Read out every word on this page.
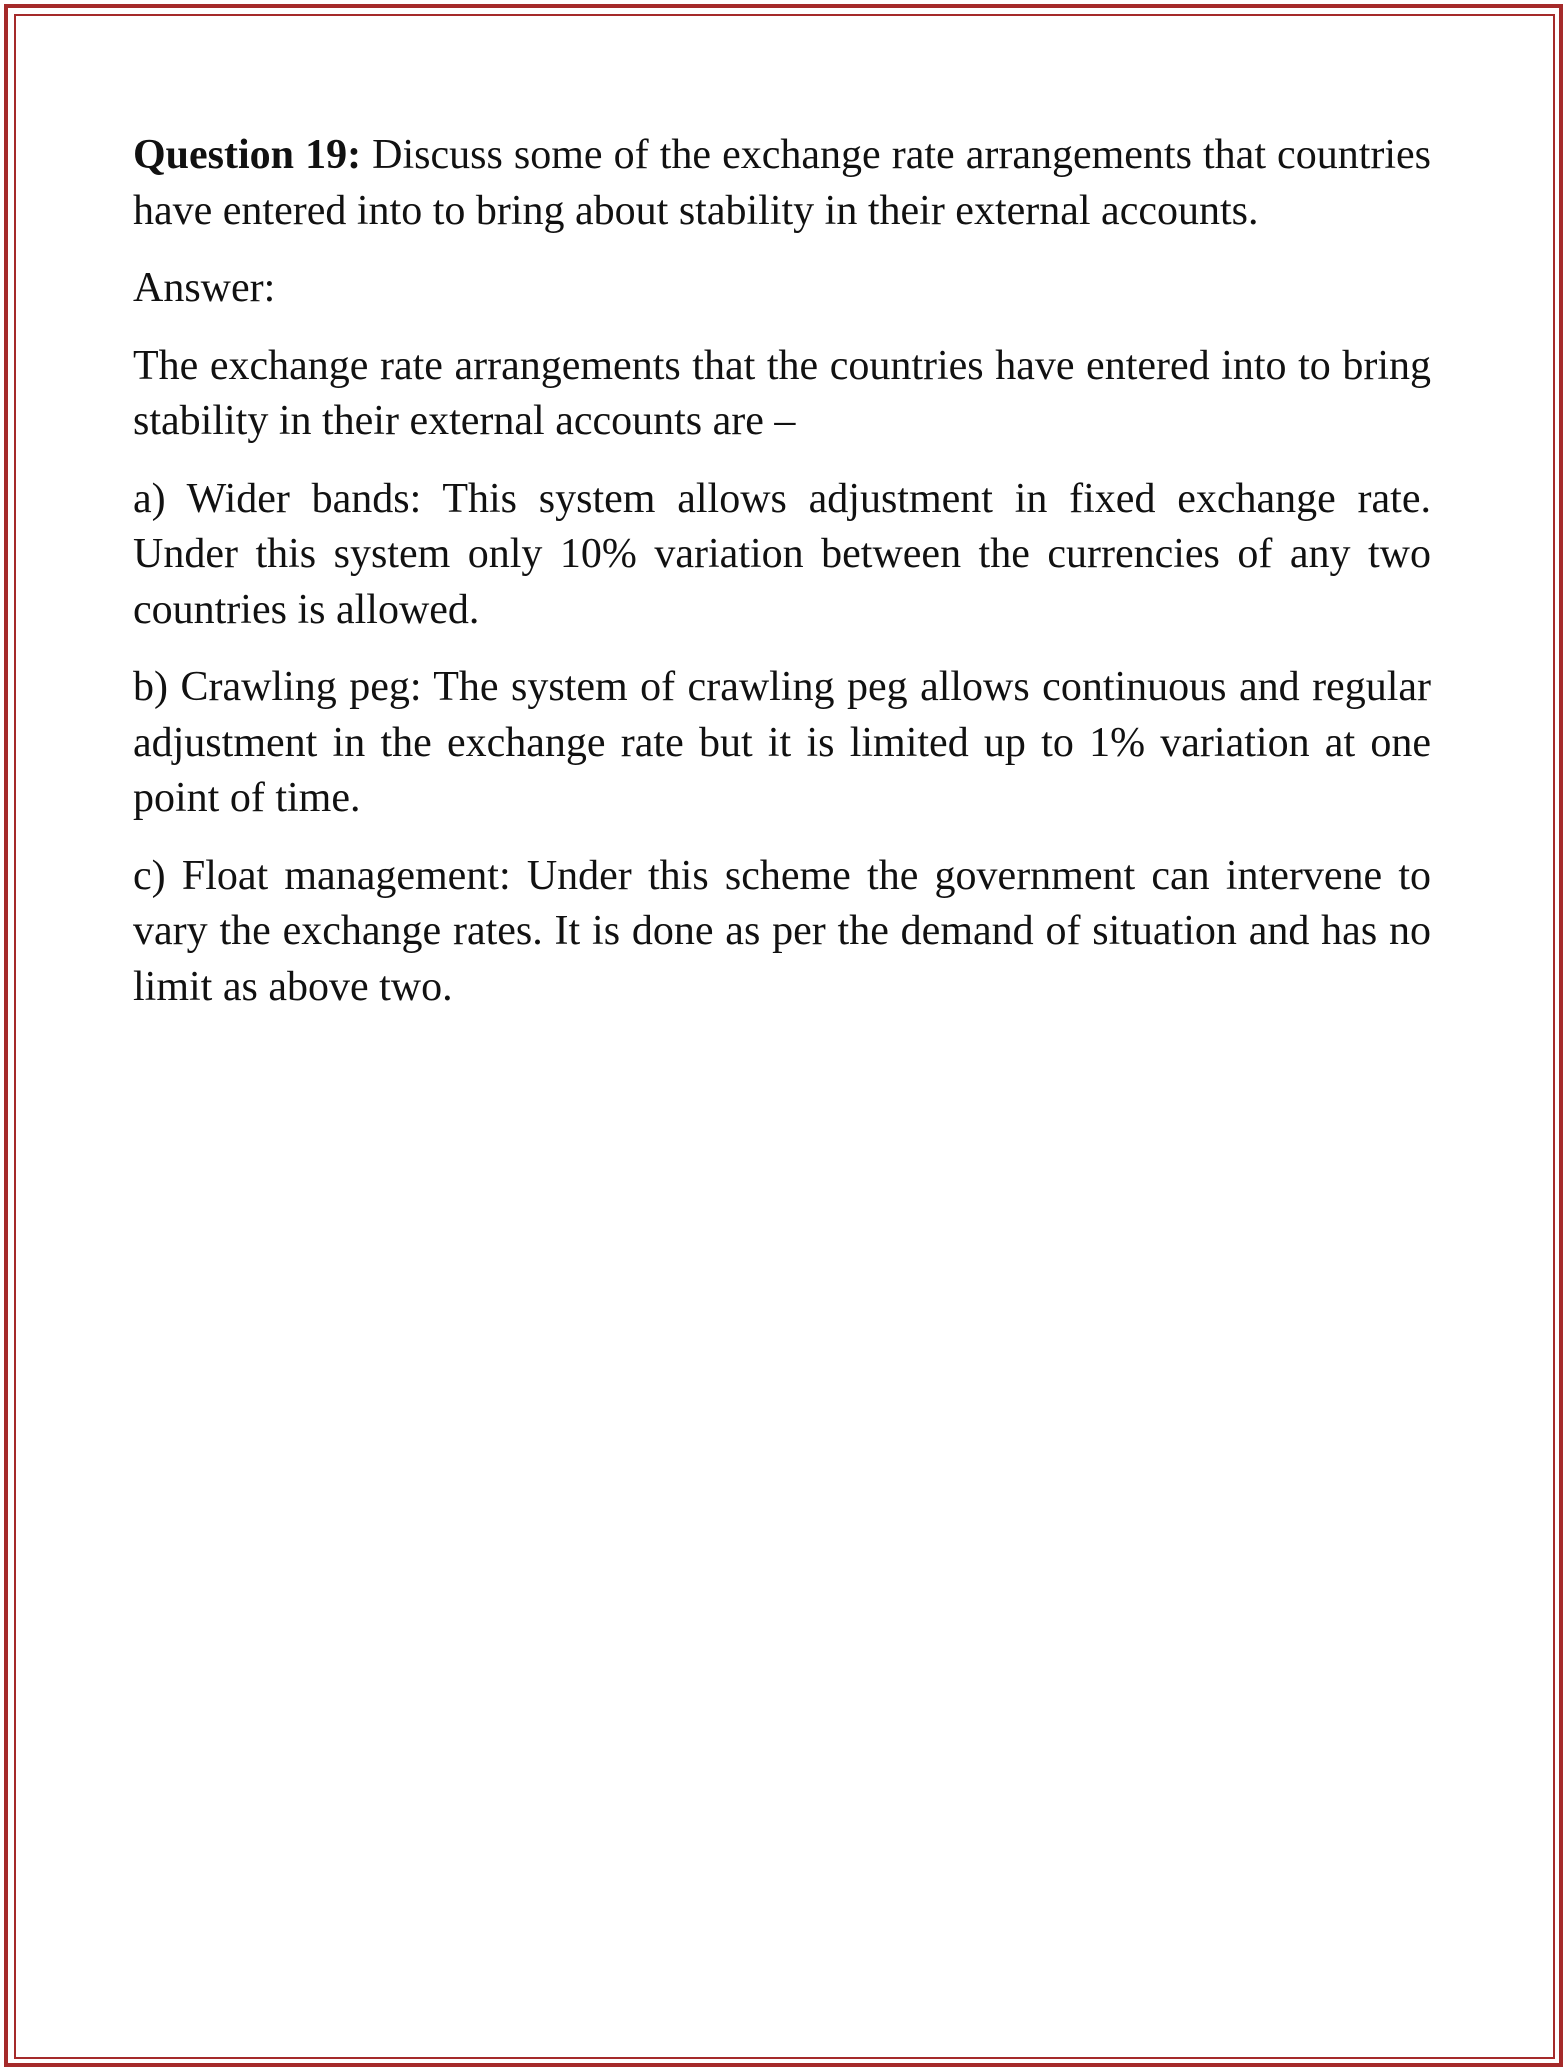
Question 19: Discuss some of the exchange rate arrangements that countries have entered into to bring about stability in their external accounts.

Answer:

The exchange rate arrangements that the countries have entered into to bring stability in their external accounts are –

a) Wider bands: This system allows adjustment in fixed exchange rate. Under this system only 10% variation between the currencies of any two countries is allowed.

b) Crawling peg: The system of crawling peg allows continuous and regular adjustment in the exchange rate but it is limited up to 1% variation at one point of time.

c) Float management: Under this scheme the government can intervene to vary the exchange rates. It is done as per the demand of situation and has no limit as above two.
